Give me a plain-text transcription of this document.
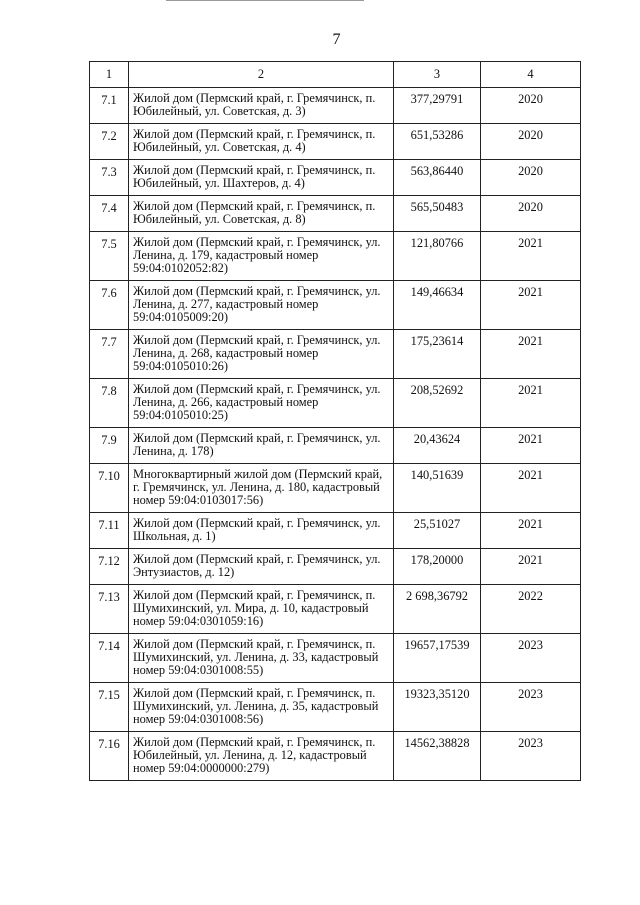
7
1	2	3	4
7.1	Жилой дом (Пермский край, г. Гремячинск, п. Юбилейный, ул. Советская, д. 3)	377,29791	2020
7.2	Жилой дом (Пермский край, г. Гремячинск, п. Юбилейный, ул. Советская, д. 4)	651,53286	2020
7.3	Жилой дом (Пермский край, г. Гремячинск, п. Юбилейный, ул. Шахтеров, д. 4)	563,86440	2020
7.4	Жилой дом (Пермский край, г. Гремячинск, п. Юбилейный, ул. Советская, д. 8)	565,50483	2020
7.5	Жилой дом (Пермский край, г. Гремячинск, ул. Ленина, д. 179, кадастровый номер 59:04:0102052:82)	121,80766	2021
7.6	Жилой дом (Пермский край, г. Гремячинск, ул. Ленина, д. 277, кадастровый номер 59:04:0105009:20)	149,46634	2021
7.7	Жилой дом (Пермский край, г. Гремячинск, ул. Ленина, д. 268, кадастровый номер 59:04:0105010:26)	175,23614	2021
7.8	Жилой дом (Пермский край, г. Гремячинск, ул. Ленина, д. 266, кадастровый номер 59:04:0105010:25)	208,52692	2021
7.9	Жилой дом (Пермский край, г. Гремячинск, ул. Ленина, д. 178)	20,43624	2021
7.10	Многоквартирный жилой дом (Пермский край, г. Гремячинск, ул. Ленина, д. 180, кадастровый номер 59:04:0103017:56)	140,51639	2021
7.11	Жилой дом (Пермский край, г. Гремячинск, ул. Школьная, д. 1)	25,51027	2021
7.12	Жилой дом (Пермский край, г. Гремячинск, ул. Энтузиастов, д. 12)	178,20000	2021
7.13	Жилой дом (Пермский край, г. Гремячинск, п. Шумихинский, ул. Мира, д. 10, кадастровый номер 59:04:0301059:16)	2 698,36792	2022
7.14	Жилой дом (Пермский край, г. Гремячинск, п. Шумихинский, ул. Ленина, д. 33, кадастровый номер 59:04:0301008:55)	19657,17539	2023
7.15	Жилой дом (Пермский край, г. Гремячинск, п. Шумихинский, ул. Ленина, д. 35, кадастровый номер 59:04:0301008:56)	19323,35120	2023
7.16	Жилой дом (Пермский край, г. Гремячинск, п. Юбилейный, ул. Ленина, д. 12, кадастровый номер 59:04:0000000:279)	14562,38828	2023
